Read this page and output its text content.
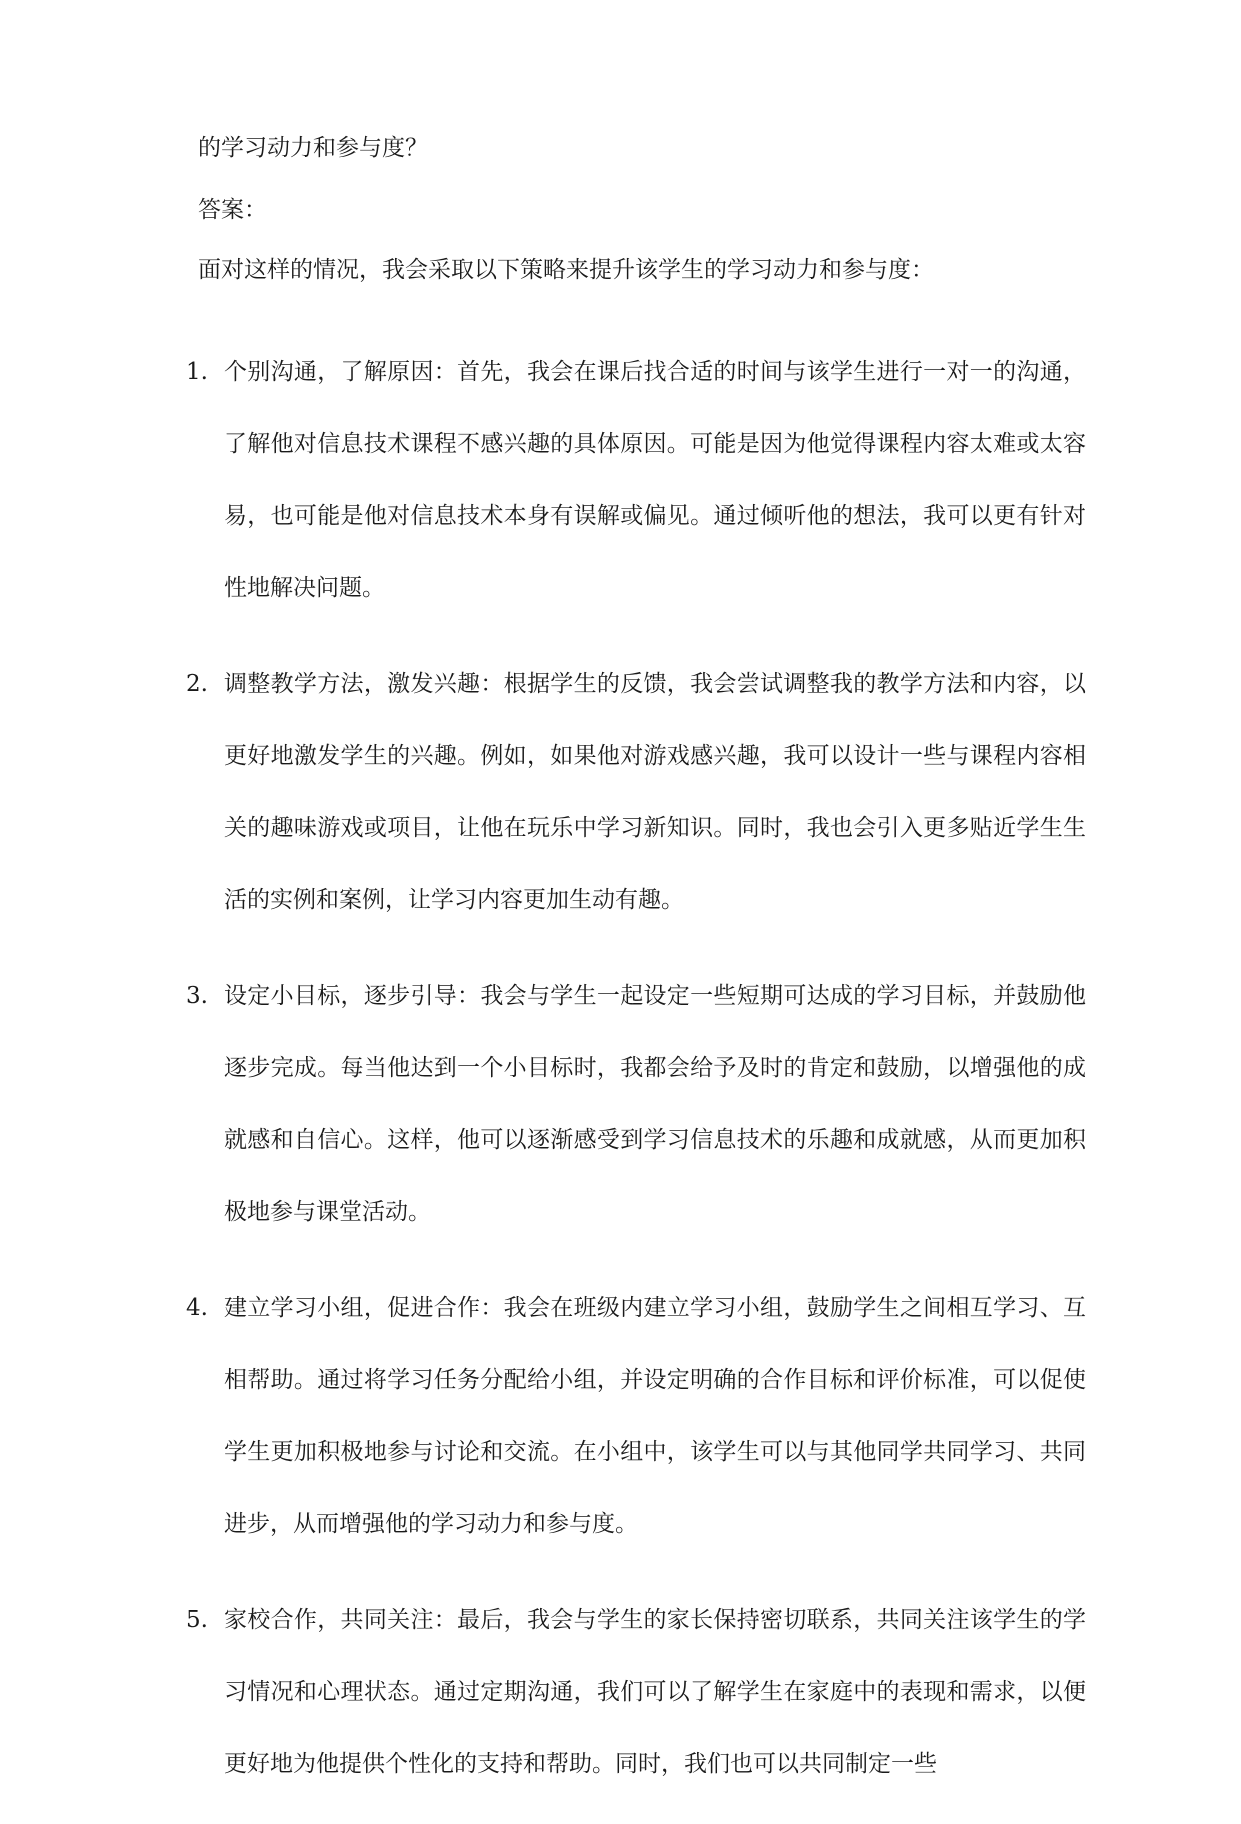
的学习动力和参与度？
答案：
面对这样的情况，我会采取以下策略来提升该学生的学习动力和参与度：
1. 个别沟通，了解原因：首先，我会在课后找合适的时间与该学生进行一对一的沟通，了解他对信息技术课程不感兴趣的具体原因。可能是因为他觉得课程内容太难或太容易，也可能是他对信息技术本身有误解或偏见。通过倾听他的想法，我可以更有针对性地解决问题。
2. 调整教学方法，激发兴趣：根据学生的反馈，我会尝试调整我的教学方法和内容，以更好地激发学生的兴趣。例如，如果他对游戏感兴趣，我可以设计一些与课程内容相关的趣味游戏或项目，让他在玩乐中学习新知识。同时，我也会引入更多贴近学生生活的实例和案例，让学习内容更加生动有趣。
3. 设定小目标，逐步引导：我会与学生一起设定一些短期可达成的学习目标，并鼓励他逐步完成。每当他达到一个小目标时，我都会给予及时的肯定和鼓励，以增强他的成就感和自信心。这样，他可以逐渐感受到学习信息技术的乐趣和成就感，从而更加积极地参与课堂活动。
4. 建立学习小组，促进合作：我会在班级内建立学习小组，鼓励学生之间相互学习、互相帮助。通过将学习任务分配给小组，并设定明确的合作目标和评价标准，可以促使学生更加积极地参与讨论和交流。在小组中，该学生可以与其他同学共同学习、共同进步，从而增强他的学习动力和参与度。
5. 家校合作，共同关注：最后，我会与学生的家长保持密切联系，共同关注该学生的学习情况和心理状态。通过定期沟通，我们可以了解学生在家庭中的表现和需求，以便更好地为他提供个性化的支持和帮助。同时，我们也可以共同制定一些
